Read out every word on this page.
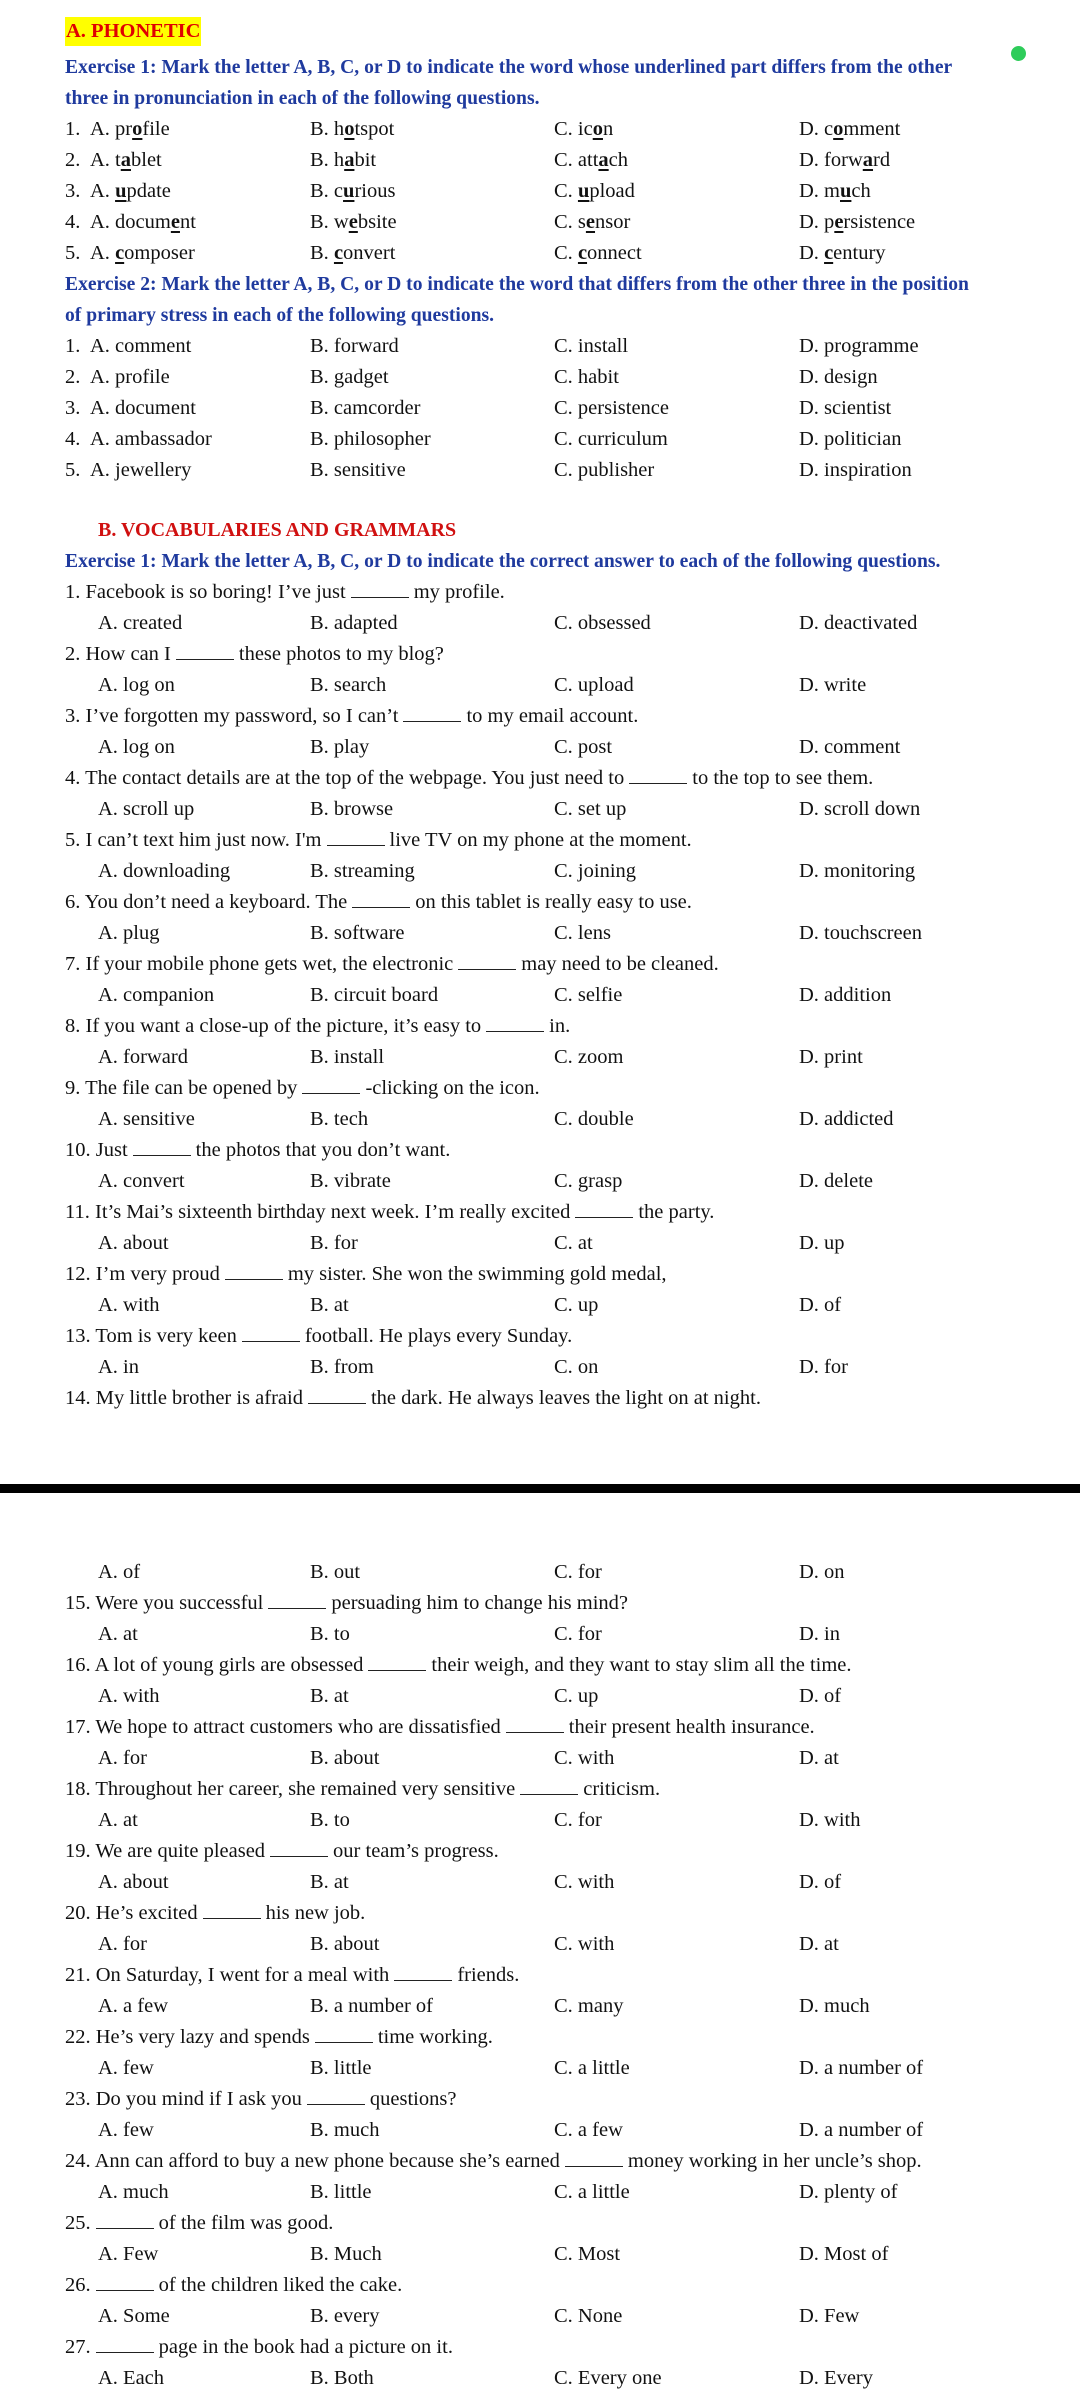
A. PHONETIC
Exercise 1: Mark the letter A, B, C, or D to indicate the word whose underlined part differs from the other
three in pronunciation in each of the following questions.
1. A. profile	B. hotspot	C. icon	D. comment
2. A. tablet	B. habit	C. attach	D. forward
3. A. update	B. curious	C. upload	D. much
4. A. document	B. website	C. sensor	D. persistence
5. A. composer	B. convert	C. connect	D. century
Exercise 2: Mark the letter A, B, C, or D to indicate the word that differs from the other three in the position
of primary stress in each of the following questions.
1. A. comment	B. forward	C. install	D. programme
2. A. profile	B. gadget	C. habit	D. design
3. A. document	B. camcorder	C. persistence	D. scientist
4. A. ambassador	B. philosopher	C. curriculum	D. politician
5. A. jewellery	B. sensitive	C. publisher	D. inspiration
B. VOCABULARIES AND GRAMMARS
Exercise 1: Mark the letter A, B, C, or D to indicate the correct answer to each of the following questions.
1. Facebook is so boring! I’ve just	my profile.
A. created	B. adapted	C. obsessed	D. deactivated
2. How can I	these photos to my blog?
A. log on	B. search	C. upload	D. write
3. I’ve forgotten my password, so I can’t	to my email account.
A. log on	B. play	C. post	D. comment
4. The contact details are at the top of the webpage. You just need to	to the top to see them.
A. scroll up	B. browse	C. set up	D. scroll down
5. I can’t text him just now. I'm	live TV on my phone at the moment.
A. downloading	B. streaming	C. joining	D. monitoring
6. You don’t need a keyboard. The	on this tablet is really easy to use.
A. plug	B. software	C. lens	D. touchscreen
7. If your mobile phone gets wet, the electronic	may need to be cleaned.
A. companion	B. circuit board	C. selfie	D. addition
8. If you want a close-up of the picture, it’s easy to	in.
A. forward	B. install	C. zoom	D. print
9. The file can be opened by	-clicking on the icon.
A. sensitive	B. tech	C. double	D. addicted
10. Just	the photos that you don’t want.
A. convert	B. vibrate	C. grasp	D. delete
11. It’s Mai’s sixteenth birthday next week. I’m really excited	the party.
A. about	B. for	C. at	D. up
12. I’m very proud	my sister. She won the swimming gold medal,
A. with	B. at	C. up	D. of
13. Tom is very keen	football. He plays every Sunday.
A. in	B. from	C. on	D. for
14. My little brother is afraid	the dark. He always leaves the light on at night.
A. of	B. out	C. for	D. on
15. Were you successful	persuading him to change his mind?
A. at	B. to	C. for	D. in
16. A lot of young girls are obsessed	their weigh, and they want to stay slim all the time.
A. with	B. at	C. up	D. of
17. We hope to attract customers who are dissatisfied	their present health insurance.
A. for	B. about	C. with	D. at
18. Throughout her career, she remained very sensitive	criticism.
A. at	B. to	C. for	D. with
19. We are quite pleased	our team’s progress.
A. about	B. at	C. with	D. of
20. He’s excited	his new job.
A. for	B. about	C. with	D. at
21. On Saturday, I went for a meal with	friends.
A. a few	B. a number of	C. many	D. much
22. He’s very lazy and spends	time working.
A. few	B. little	C. a little	D. a number of
23. Do you mind if I ask you	questions?
A. few	B. much	C. a few	D. a number of
24. Ann can afford to buy a new phone because she’s earned	money working in her uncle’s shop.
A. much	B. little	C. a little	D. plenty of
25.	of the film was good.
A. Few	B. Much	C. Most	D. Most of
26.	of the children liked the cake.
A. Some	B. every	C. None	D. Few
27.	page in the book had a picture on it.
A. Each	B. Both	C. Every one	D. Every
